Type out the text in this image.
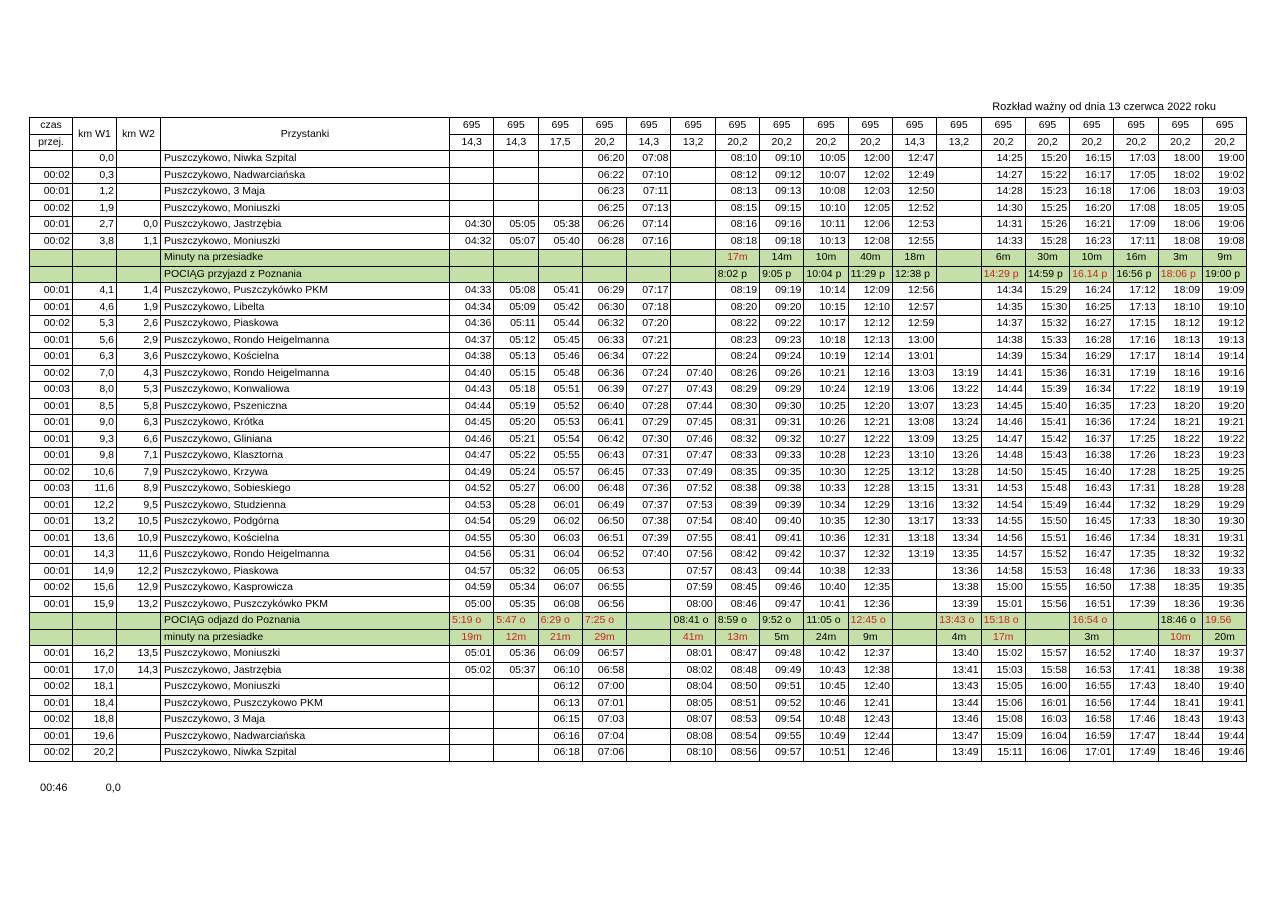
Rozkład ważny od dnia 13 czerwca 2022 roku
czas	km W1	km W2	Przystanki	695	695	695	695	695	695	695	695	695	695	695	695	695	695	695	695	695	695
przej.				14,3	14,3	17,5	20,2	14,3	13,2	20,2	20,2	20,2	20,2	14,3	13,2	20,2	20,2	20,2	20,2	20,2	20,2
	0,0		Puszczykowo, Niwka Szpital				06:20	07:08		08:10	09:10	10:05	12:00	12:47		14:25	15:20	16:15	17:03	18:00	19:00
00:02	0,3		Puszczykowo, Nadwarciańska				06:22	07:10		08:12	09:12	10:07	12:02	12:49		14:27	15:22	16:17	17:05	18:02	19:02
00:01	1,2		Puszczykowo, 3 Maja				06:23	07:11		08:13	09:13	10:08	12:03	12:50		14:28	15:23	16:18	17:06	18:03	19:03
00:02	1,9		Puszczykowo, Moniuszki				06:25	07:13		08:15	09:15	10:10	12:05	12:52		14:30	15:25	16:20	17:08	18:05	19:05
00:01	2,7	0,0	Puszczykowo, Jastrzębia	04:30	05:05	05:38	06:26	07:14		08:16	09:16	10:11	12:06	12:53		14:31	15:26	16:21	17:09	18:06	19:06
00:02	3,8	1,1	Puszczykowo, Moniuszki	04:32	05:07	05:40	06:28	07:16		08:18	09:18	10:13	12:08	12:55		14:33	15:28	16:23	17:11	18:08	19:08
			Minuty na przesiadke							17m	14m	10m	40m	18m		6m	30m	10m	16m	3m	9m
			POCIĄG przyjazd z Poznania							8:02 p	9:05 p	10:04 p	11:29 p	12:38 p		14:29 p	14:59 p	16.14 p	16:56 p	18:06 p	19:00 p
00:01	4,1	1,4	Puszczykowo, Puszczykówko PKM	04:33	05:08	05:41	06:29	07:17		08:19	09:19	10:14	12:09	12:56		14:34	15:29	16:24	17:12	18:09	19:09
00:01	4,6	1,9	Puszczykowo, Libelta	04:34	05:09	05:42	06:30	07:18		08:20	09:20	10:15	12:10	12:57		14:35	15:30	16:25	17:13	18:10	19:10
00:02	5,3	2,6	Puszczykowo, Piaskowa	04:36	05:11	05:44	06:32	07:20		08:22	09:22	10:17	12:12	12:59		14:37	15:32	16:27	17:15	18:12	19:12
00:01	5,6	2,9	Puszczykowo, Rondo Heigelmanna	04:37	05:12	05:45	06:33	07:21		08:23	09:23	10:18	12:13	13:00		14:38	15:33	16:28	17:16	18:13	19:13
00:01	6,3	3,6	Puszczykowo, Kościelna	04:38	05:13	05:46	06:34	07:22		08:24	09:24	10:19	12:14	13:01		14:39	15:34	16:29	17:17	18:14	19:14
00:02	7,0	4,3	Puszczykowo, Rondo Heigelmanna	04:40	05:15	05:48	06:36	07:24	07:40	08:26	09:26	10:21	12:16	13:03	13:19	14:41	15:36	16:31	17:19	18:16	19:16
00:03	8,0	5,3	Puszczykowo, Konwaliowa	04:43	05:18	05:51	06:39	07:27	07:43	08:29	09:29	10:24	12:19	13:06	13:22	14:44	15:39	16:34	17:22	18:19	19:19
00:01	8,5	5,8	Puszczykowo, Pszeniczna	04:44	05:19	05:52	06:40	07:28	07:44	08:30	09:30	10:25	12:20	13:07	13:23	14:45	15:40	16:35	17:23	18:20	19:20
00:01	9,0	6,3	Puszczykowo, Krótka	04:45	05:20	05:53	06:41	07:29	07:45	08:31	09:31	10:26	12:21	13:08	13:24	14:46	15:41	16:36	17:24	18:21	19:21
00:01	9,3	6,6	Puszczykowo, Gliniana	04:46	05:21	05:54	06:42	07:30	07:46	08:32	09:32	10:27	12:22	13:09	13:25	14:47	15:42	16:37	17:25	18:22	19:22
00:01	9,8	7,1	Puszczykowo, Klasztorna	04:47	05:22	05:55	06:43	07:31	07:47	08:33	09:33	10:28	12:23	13:10	13:26	14:48	15:43	16:38	17:26	18:23	19:23
00:02	10,6	7,9	Puszczykowo, Krzywa	04:49	05:24	05:57	06:45	07:33	07:49	08:35	09:35	10:30	12:25	13:12	13:28	14:50	15:45	16:40	17:28	18:25	19:25
00:03	11,6	8,9	Puszczykowo, Sobieskiego	04:52	05:27	06:00	06:48	07:36	07:52	08:38	09:38	10:33	12:28	13:15	13:31	14:53	15:48	16:43	17:31	18:28	19:28
00:01	12,2	9,5	Puszczykowo, Studzienna	04:53	05:28	06:01	06:49	07:37	07:53	08:39	09:39	10:34	12:29	13:16	13:32	14:54	15:49	16:44	17:32	18:29	19:29
00:01	13,2	10,5	Puszczykowo, Podgórna	04:54	05:29	06:02	06:50	07:38	07:54	08:40	09:40	10:35	12:30	13:17	13:33	14:55	15:50	16:45	17:33	18:30	19:30
00:01	13,6	10,9	Puszczykowo, Kościelna	04:55	05:30	06:03	06:51	07:39	07:55	08:41	09:41	10:36	12:31	13:18	13:34	14:56	15:51	16:46	17:34	18:31	19:31
00:01	14,3	11,6	Puszczykowo, Rondo Heigelmanna	04:56	05:31	06:04	06:52	07:40	07:56	08:42	09:42	10:37	12:32	13:19	13:35	14:57	15:52	16:47	17:35	18:32	19:32
00:01	14,9	12,2	Puszczykowo, Piaskowa	04:57	05:32	06:05	06:53		07:57	08:43	09:44	10:38	12:33		13:36	14:58	15:53	16:48	17:36	18:33	19:33
00:02	15,6	12,9	Puszczykowo, Kasprowicza	04:59	05:34	06:07	06:55		07:59	08:45	09:46	10:40	12:35		13:38	15:00	15:55	16:50	17:38	18:35	19:35
00:01	15,9	13,2	Puszczykowo, Puszczykówko PKM	05:00	05:35	06:08	06:56		08:00	08:46	09:47	10:41	12:36		13:39	15:01	15:56	16:51	17:39	18:36	19:36
			POCIĄG odjazd do Poznania	5:19 o	5:47 o	6:29 o	7:25 o		08:41 o	8:59 o	9:52 o	11:05 o	12:45 o		13:43 o	15:18 o		16:54 o		18:46 o	19.56
			minuty na przesiadke	19m	12m	21m	29m		41m	13m	5m	24m	9m		4m	17m		3m		10m	20m
00:01	16,2	13,5	Puszczykowo, Moniuszki	05:01	05:36	06:09	06:57		08:01	08:47	09:48	10:42	12:37		13:40	15:02	15:57	16:52	17:40	18:37	19:37
00:01	17,0	14,3	Puszczykowo, Jastrzębia	05:02	05:37	06:10	06:58		08:02	08:48	09:49	10:43	12:38		13:41	15:03	15:58	16:53	17:41	18:38	19:38
00:02	18,1		Puszczykowo, Moniuszki			06:12	07:00		08:04	08:50	09:51	10:45	12:40		13:43	15:05	16:00	16:55	17:43	18:40	19:40
00:01	18,4		Puszczykowo, Puszczykowo PKM			06:13	07:01		08:05	08:51	09:52	10:46	12:41		13:44	15:06	16:01	16:56	17:44	18:41	19:41
00:02	18,8		Puszczykowo, 3 Maja			06:15	07:03		08:07	08:53	09:54	10:48	12:43		13:46	15:08	16:03	16:58	17:46	18:43	19:43
00:01	19,6		Puszczykowo, Nadwarciańska			06:16	07:04		08:08	08:54	09:55	10:49	12:44		13:47	15:09	16:04	16:59	17:47	18:44	19:44
00:02	20,2		Puszczykowo, Niwka Szpital			06:18	07:06		08:10	08:56	09:57	10:51	12:46		13:49	15:11	16:06	17:01	17:49	18:46	19:46
00:46	0,0
